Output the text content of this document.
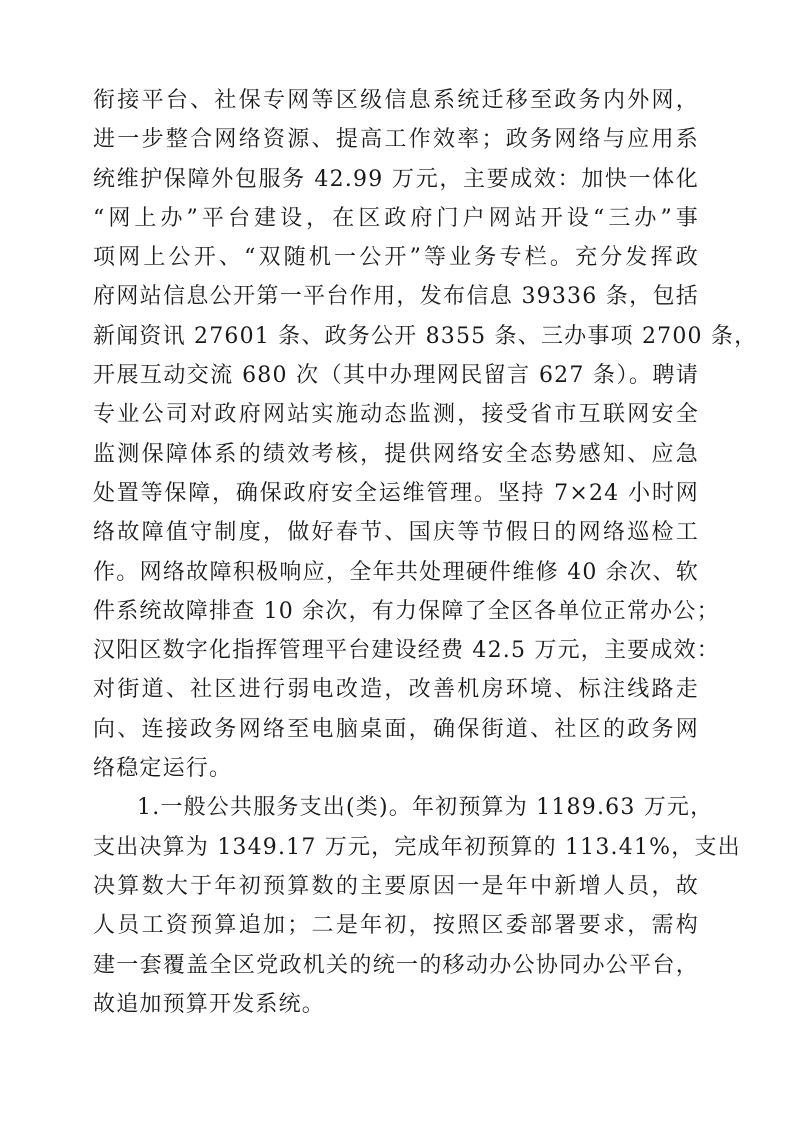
衔接平台、社保专网等区级信息系统迁移至政务内外网，
进一步整合网络资源、提高工作效率；政务网络与应用系
统维护保障外包服务 42.99 万元，主要成效：加快一体化
“网上办”平台建设，在区政府门户网站开设“三办”事
项网上公开、“双随机一公开”等业务专栏。充分发挥政
府网站信息公开第一平台作用，发布信息 39336 条，包括
新闻资讯 27601 条、政务公开 8355 条、三办事项 2700 条，
开展互动交流 680 次（其中办理网民留言 627 条）。聘请
专业公司对政府网站实施动态监测，接受省市互联网安全
监测保障体系的绩效考核，提供网络安全态势感知、应急
处置等保障，确保政府安全运维管理。坚持 7×24 小时网
络故障值守制度，做好春节、国庆等节假日的网络巡检工
作。网络故障积极响应，全年共处理硬件维修 40 余次、软
件系统故障排查 10 余次，有力保障了全区各单位正常办公；
汉阳区数字化指挥管理平台建设经费 42.5 万元，主要成效：
对街道、社区进行弱电改造，改善机房环境、标注线路走
向、连接政务网络至电脑桌面，确保街道、社区的政务网
络稳定运行。
1.一般公共服务支出(类)。年初预算为 1189.63 万元，
支出决算为 1349.17 万元，完成年初预算的 113.41%，支出
决算数大于年初预算数的主要原因一是年中新增人员，故
人员工资预算追加；二是年初，按照区委部署要求，需构
建一套覆盖全区党政机关的统一的移动办公协同办公平台，
故追加预算开发系统。
